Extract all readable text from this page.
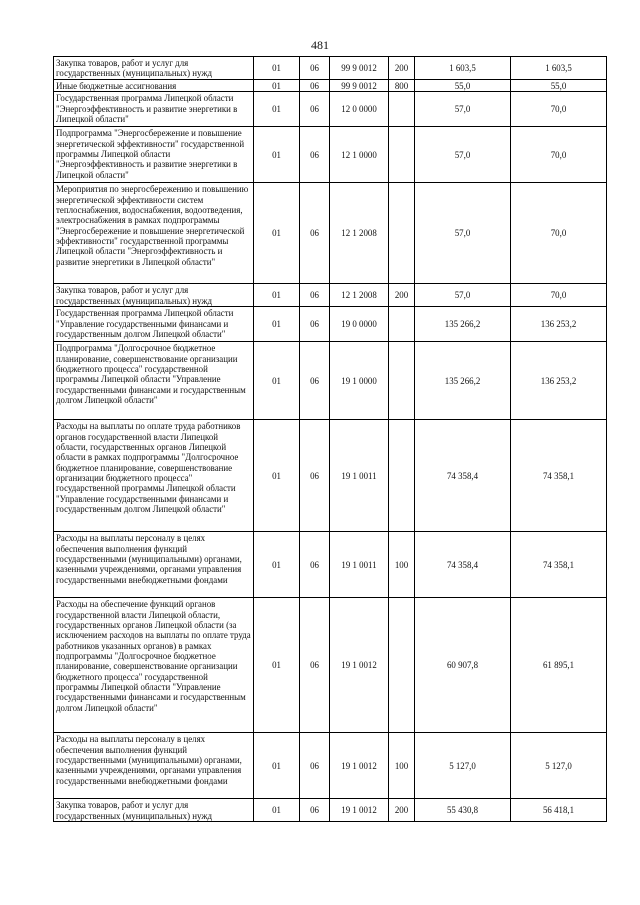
481
Закупка товаров, работ и услуг для государственных (муниципальных) нужд	01	06	99 9 0012	200	1 603,5	1 603,5
Иные бюджетные ассигнования	01	06	99 9 0012	800	55,0	55,0
Государственная программа Липецкой области "Энергоэффективность и развитие энергетики в Липецкой области"	01	06	12 0 0000		57,0	70,0
Подпрограмма "Энергосбережение и повышение энергетической эффективности" государственной программы Липецкой области "Энергоэффективность и развитие энергетики в Липецкой области"	01	06	12 1 0000		57,0	70,0
Мероприятия по энергосбережению и повышению энергетической эффективности систем теплоснабжения, водоснабжения, водоотведения, электроснабжения в рамках подпрограммы "Энергосбережение и повышение энергетической эффективности" государственной программы Липецкой области "Энергоэффективность и развитие энергетики в Липецкой области"	01	06	12 1 2008		57,0	70,0
Закупка товаров, работ и услуг для государственных (муниципальных) нужд	01	06	12 1 2008	200	57,0	70,0
Государственная программа Липецкой области "Управление государственными финансами и государственным долгом Липецкой области"	01	06	19 0 0000		135 266,2	136 253,2
Подпрограмма "Долгосрочное бюджетное планирование, совершенствование организации бюджетного процесса" государственной программы Липецкой области "Управление государственными финансами и государственным долгом Липецкой области"	01	06	19 1 0000		135 266,2	136 253,2
Расходы на выплаты по оплате труда работников органов государственной власти Липецкой области, государственных органов Липецкой области в рамках подпрограммы "Долгосрочное бюджетное планирование, совершенствование организации бюджетного процесса" государственной программы Липецкой области "Управление государственными финансами и государственным долгом Липецкой области"	01	06	19 1 0011		74 358,4	74 358,1
Расходы на выплаты персоналу в целях обеспечения выполнения функций государственными (муниципальными) органами, казенными учреждениями, органами управления государственными внебюджетными фондами	01	06	19 1 0011	100	74 358,4	74 358,1
Расходы на обеспечение функций органов государственной власти Липецкой области, государственных органов Липецкой области (за исключением расходов на выплаты по оплате труда работников указанных органов) в рамках подпрограммы "Долгосрочное бюджетное планирование, совершенствование организации бюджетного процесса" государственной программы Липецкой области "Управление государственными финансами и государственным долгом Липецкой области"	01	06	19 1 0012		60 907,8	61 895,1
Расходы на выплаты персоналу в целях обеспечения выполнения функций государственными (муниципальными) органами, казенными учреждениями, органами управления государственными внебюджетными фондами	01	06	19 1 0012	100	5 127,0	5 127,0
Закупка товаров, работ и услуг для государственных (муниципальных) нужд	01	06	19 1 0012	200	55 430,8	56 418,1
